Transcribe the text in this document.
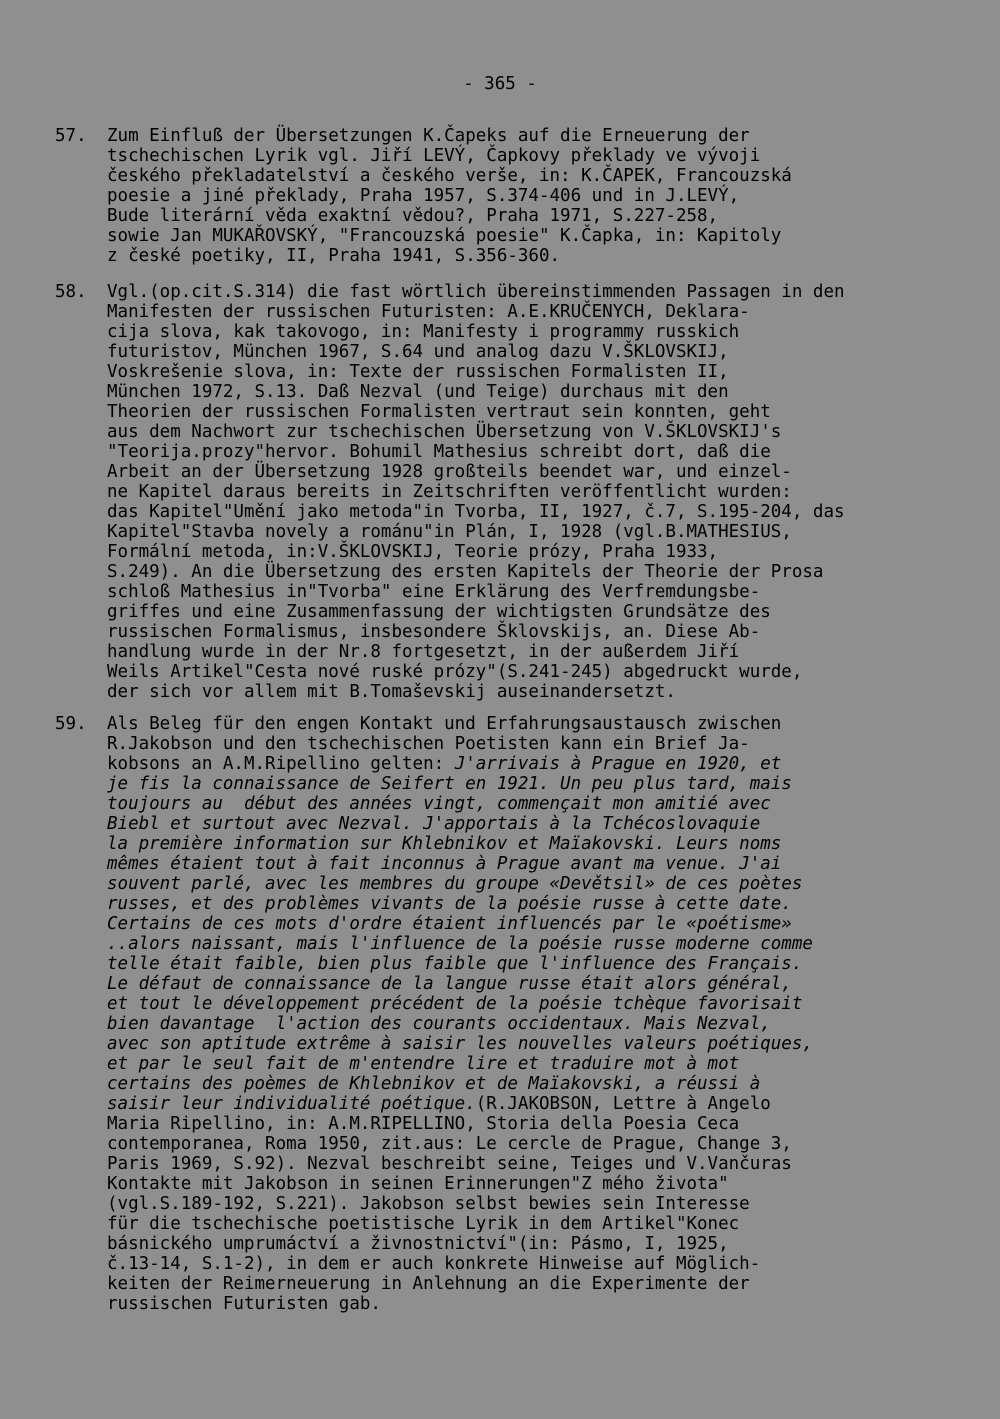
- 365 -
57. Zum Einfluß der Übersetzungen K.Čapeks auf die Erneuerung der
tschechischen Lyrik vgl. Jiří LEVÝ, Čapkovy překlady ve vývoji
českého překladatelství a českého verše, in: K.ČAPEK, Francouzská
poesie a jiné překlady, Praha 1957, S.374-406 und in J.LEVÝ,
Bude literární věda exaktní vědou?, Praha 1971, S.227-258,
sowie Jan MUKAŘOVSKÝ, "Francouzská poesie" K.Čapka, in: Kapitoly
z české poetiky, II, Praha 1941, S.356-360.
58. Vgl.(op.cit.S.314) die fast wörtlich übereinstimmenden Passagen in den
Manifesten der russischen Futuristen: A.E.KRUČENYCH, Deklara-
cija slova, kak takovogo, in: Manifesty i programmy russkich
futuristov, München 1967, S.64 und analog dazu V.ŠKLOVSKIJ,
Voskrešenie slova, in: Texte der russischen Formalisten II,
München 1972, S.13. Daß Nezval (und Teige) durchaus mit den
Theorien der russischen Formalisten vertraut sein konnten, geht
aus dem Nachwort zur tschechischen Übersetzung von V.ŠKLOVSKIJ's
"Teorija.prozy"hervor. Bohumil Mathesius schreibt dort, daß die
Arbeit an der Übersetzung 1928 großteils beendet war, und einzel-
ne Kapitel daraus bereits in Zeitschriften veröffentlicht wurden:
das Kapitel"Umění jako metoda"in Tvorba, II, 1927, č.7, S.195-204, das
Kapitel"Stavba novely a románu"in Plán, I, 1928 (vgl.B.MATHESIUS,
Formální metoda, in:V.ŠKLOVSKIJ, Teorie prózy, Praha 1933,
S.249). An die Übersetzung des ersten Kapitels der Theorie der Prosa
schloß Mathesius in"Tvorba" eine Erklärung des Verfremdungsbe-
griffes und eine Zusammenfassung der wichtigsten Grundsätze des
russischen Formalismus, insbesondere Šklovskijs, an. Diese Ab-
handlung wurde in der Nr.8 fortgesetzt, in der außerdem Jiří
Weils Artikel"Cesta nové ruské prózy"(S.241-245) abgedruckt wurde,
der sich vor allem mit B.Tomaševskij auseinandersetzt.
59. Als Beleg für den engen Kontakt und Erfahrungsaustausch zwischen
R.Jakobson und den tschechischen Poetisten kann ein Brief Ja-
kobsons an A.M.Ripellino gelten: J'arrivais à Prague en 1920, et
je fis la connaissance de Seifert en 1921. Un peu plus tard, mais
toujours au  début des années vingt, commençait mon amitié avec
Biebl et surtout avec Nezval. J'apportais à la Tchécoslovaquie
la première information sur Khlebnikov et Maïakovski. Leurs noms
mêmes étaient tout à fait inconnus à Prague avant ma venue. J'ai
souvent parlé, avec les membres du groupe «Devětsil» de ces poètes
russes, et des problèmes vivants de la poésie russe à cette date.
Certains de ces mots d'ordre étaient influencés par le «poétisme»
..alors naissant, mais l'influence de la poésie russe moderne comme
telle était faible, bien plus faible que l'influence des Français.
Le défaut de connaissance de la langue russe était alors général,
et tout le développement précédent de la poésie tchèque favorisait
bien davantage  l'action des courants occidentaux. Mais Nezval,
avec son aptitude extrême à saisir les nouvelles valeurs poétiques,
et par le seul fait de m'entendre lire et traduire mot à mot
certains des poèmes de Khlebnikov et de Maïakovski, a réussi à
saisir leur individualité poétique.(R.JAKOBSON, Lettre à Angelo
Maria Ripellino, in: A.M.RIPELLINO, Storia della Poesia Ceca
contemporanea, Roma 1950, zit.aus: Le cercle de Prague, Change 3,
Paris 1969, S.92). Nezval beschreibt seine, Teiges und V.Vančuras
Kontakte mit Jakobson in seinen Erinnerungen"Z mého života"
(vgl.S.189-192, S.221). Jakobson selbst bewies sein Interesse
für die tschechische poetistische Lyrik in dem Artikel"Konec
básnického umprumáctví a živnostnictví"(in: Pásmo, I, 1925,
č.13-14, S.1-2), in dem er auch konkrete Hinweise auf Möglich-
keiten der Reimerneuerung in Anlehnung an die Experimente der
russischen Futuristen gab.
